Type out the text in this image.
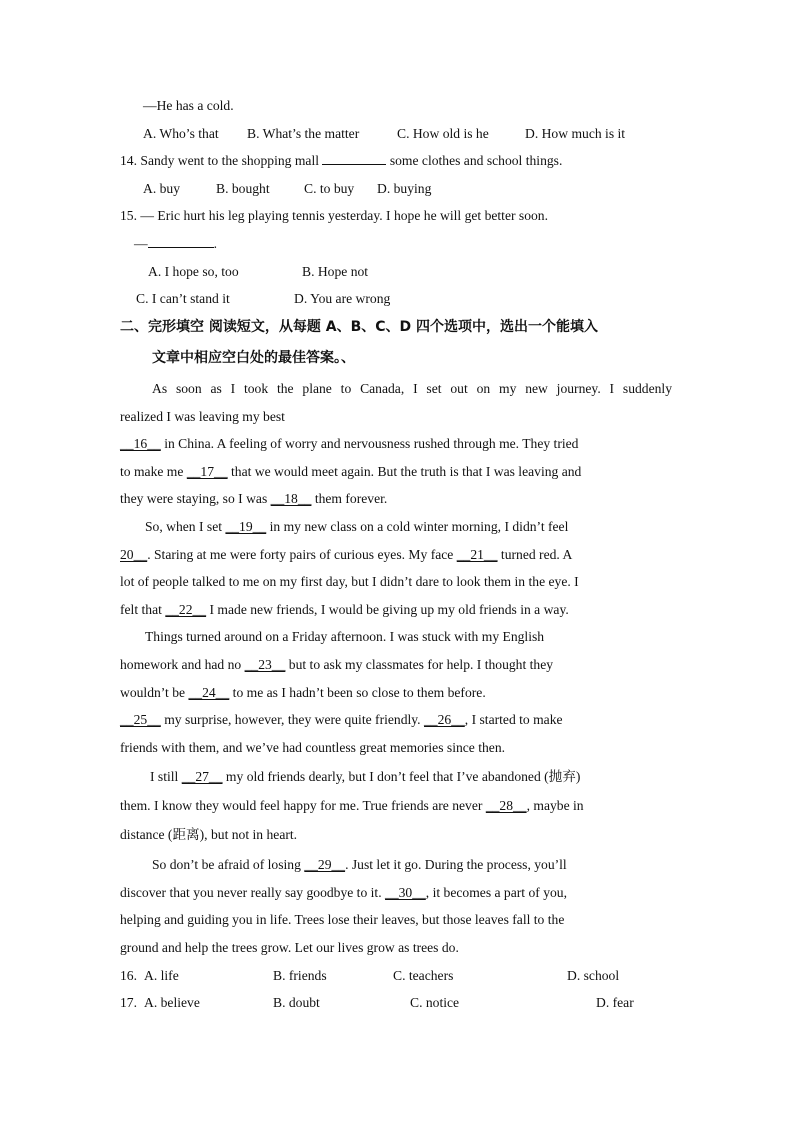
—He has a cold.
A. Who’s that B. What’s the matter	C. How old is he	D. How much is it
14. Sandy went to the shopping mall	some clothes and school things.
A. buy	B. bought	C. to buy D. buying
15. — Eric hurt his leg playing tennis yesterday. I hope he will get better soon.
—	.
A. I hope so, too	B. Hope not
C. I can’t stand it	D. You are wrong
二、完形填空 阅读短文，从每题 A、B、C、D 四个选项中，选出一个能填入
文章中相应空白处的最佳答案。、
As soon as I took the plane to Canada, I set out on my new journey. I suddenly
realized I was leaving my best
__16__ in China. A feeling of worry and nervousness rushed through me. They tried
to make me __17__ that we would meet again. But the truth is that I was leaving and
they were staying, so I was __18__ them forever.
So, when I set __19__ in my new class on a cold winter morning, I didn’t feel
20__. Staring at me were forty pairs of curious eyes. My face __21__ turned red. A
lot of people talked to me on my first day, but I didn’t dare to look them in the eye. I
felt that __22__ I made new friends, I would be giving up my old friends in a way.
Things turned around on a Friday afternoon. I was stuck with my English
homework and had no __23__ but to ask my classmates for help. I thought they
wouldn’t be __24__ to me as I hadn’t been so close to them before.
__25__ my surprise, however, they were quite friendly. __26__, I started to make
friends with them, and we’ve had countless great memories since then.
I still __27__ my old friends dearly, but I don’t feel that I’ve abandoned (抛弃)
them. I know they would feel happy for me. True friends are never __28__, maybe in
distance (距离), but not in heart.
So don’t be afraid of losing __29__. Just let it go. During the process, you’ll
discover that you never really say goodbye to it. __30__, it becomes a part of you,
helping and guiding you in life. Trees lose their leaves, but those leaves fall to the
ground and help the trees grow. Let our lives grow as trees do.
16. A. life	B. friends	C. teachers	D. school
17. A. believe	B. doubt	C. notice	D. fear
